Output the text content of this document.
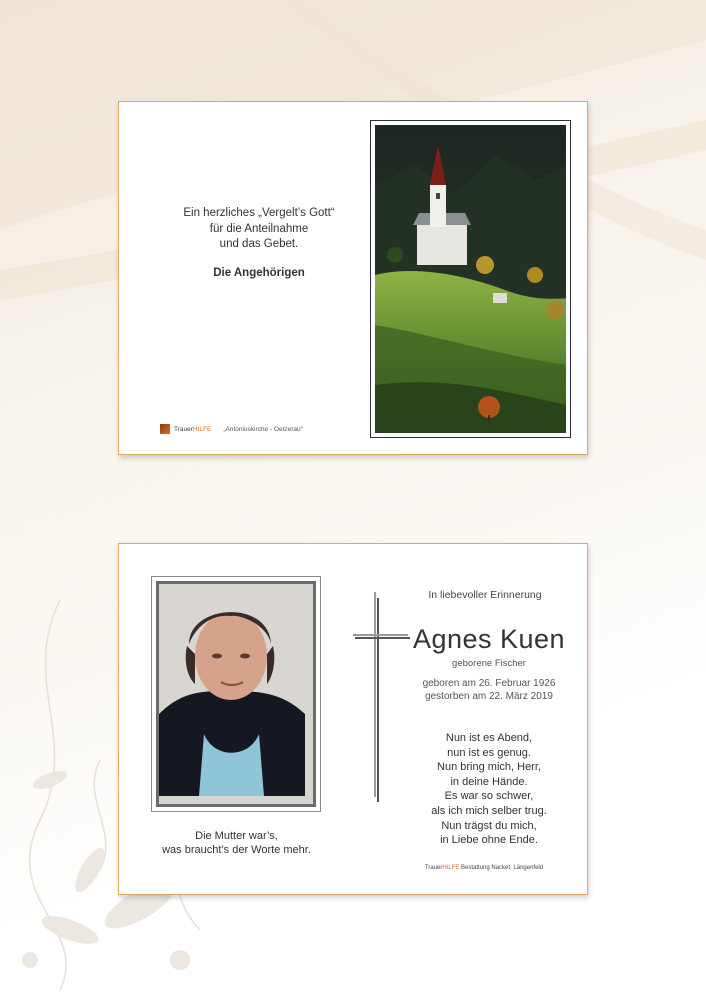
Ein herzliches „Vergelt’s Gott“
für die Anteilnahme
und das Gebet.
Die Angehörigen
Trauer HILFE „Antoniuskirche - Oetzerau“
Die Mutter war’s,
was braucht’s der Worte mehr.
In liebevoller Erinnerung
Agnes Kuen
geborene Fischer
geboren am 26. Februar 1926
gestorben am 22. März 2019
Nun ist es Abend,
nun ist es genug.
Nun bring mich, Herr,
in deine Hände.
Es war so schwer,
als ich mich selber trug.
Nun trägst du mich,
in Liebe ohne Ende.
TrauerHILFE Bestattung Nacket, Längenfeld
